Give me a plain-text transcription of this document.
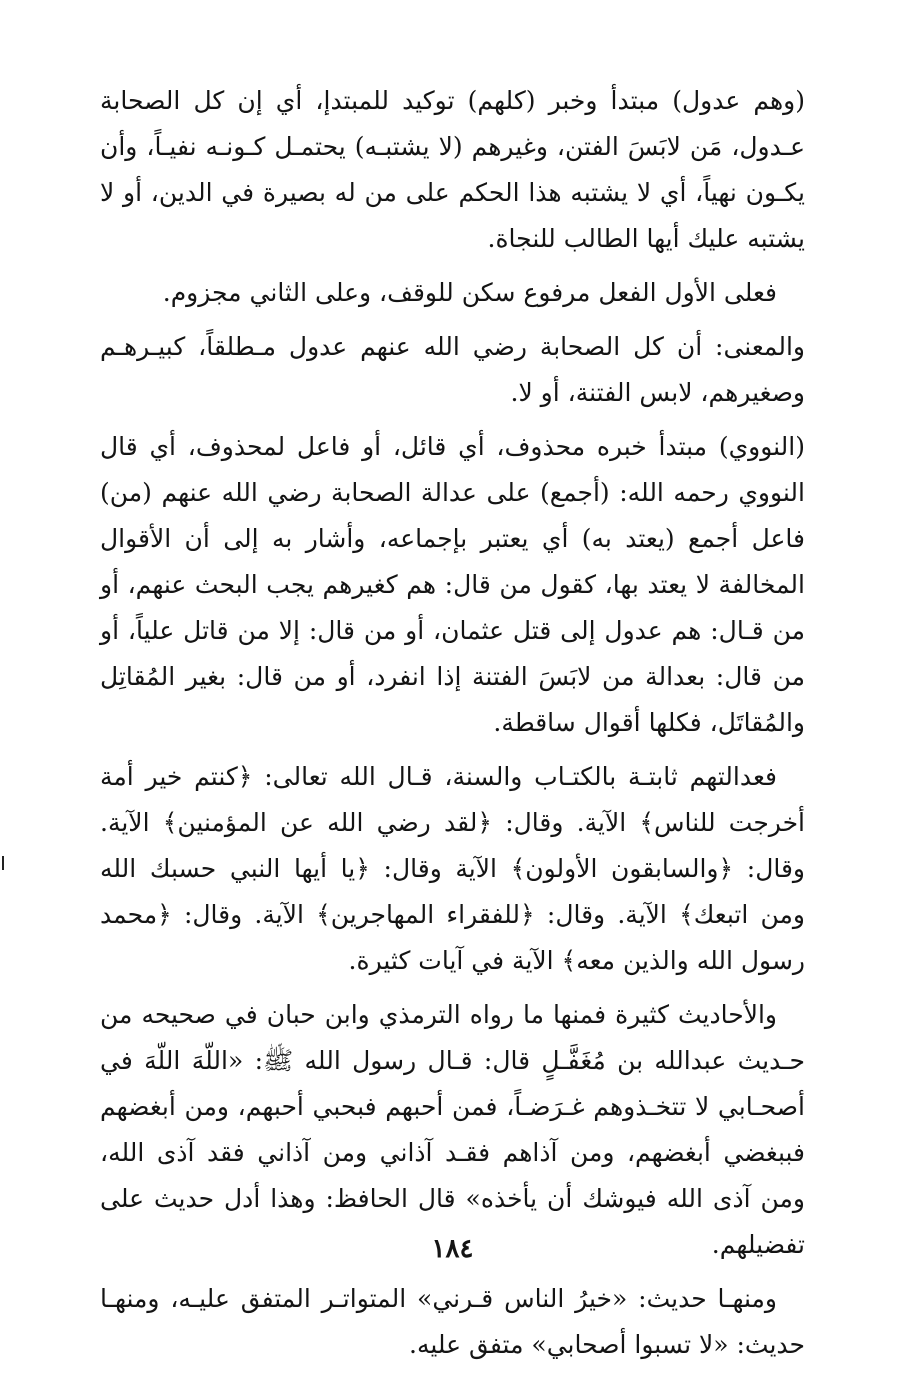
(وهم عدول) مبتدأ وخبر (كلهم) توكيد للمبتدإ، أي إن كل الصحابة عـدول، مَن لابَسَ الفتن، وغيرهم (لا يشتبـه) يحتمـل كـونـه نفيـاً، وأن يكـون نهياً، أي لا يشتبه هذا الحكم على من له بصيرة في الدين، أو لا يشتبه عليك أيها الطالب للنجاة.

فعلى الأول الفعل مرفوع سكن للوقف، وعلى الثاني مجزوم.

والمعنى: أن كل الصحابة رضي الله عنهم عدول مـطلقاً، كبيـرهـم وصغيرهم، لابس الفتنة، أو لا.

(النووي) مبتدأ خبره محذوف، أي قائل، أو فاعل لمحذوف، أي قال النووي رحمه الله: (أجمع) على عدالة الصحابة رضي الله عنهم (من) فاعل أجمع (يعتد به) أي يعتبر بإجماعه، وأشار به إلى أن الأقوال المخالفة لا يعتد بها، كقول من قال: هم كغيرهم يجب البحث عنهم، أو من قـال: هم عدول إلى قتل عثمان، أو من قال: إلا من قاتل علياً، أو من قال: بعدالة من لابَسَ الفتنة إذا انفرد، أو من قال: بغير المُقاتِل والمُقاتَل، فكلها أقوال ساقطة.

فعدالتهم ثابتـة بالكتـاب والسنة، قـال الله تعالى: ﴿كنتم خير أمة أخرجت للناس﴾ الآية. وقال: ﴿لقد رضي الله عن المؤمنين﴾ الآية. وقال: ﴿والسابقون الأولون﴾ الآية وقال: ﴿يا أيها النبي حسبك الله ومن اتبعك﴾ الآية. وقال: ﴿للفقراء المهاجرين﴾ الآية. وقال: ﴿محمد رسول الله والذين معه﴾ الآية في آيات كثيرة.

والأحاديث كثيرة فمنها ما رواه الترمذي وابن حبان في صحيحه من حـديث عبدالله بن مُغَفَّـلٍ قال: قـال رسول الله ﷺ: «اللّهَ اللّهَ في أصحـابي لا تتخـذوهم غـرَضـاً، فمن أحبهم فبحبي أحبهم، ومن أبغضهم فببغضي أبغضهم، ومن آذاهم فقـد آذاني ومن آذاني فقد آذى الله، ومن آذى الله فيوشك أن يأخذه» قال الحافظ: وهذا أدل حديث على تفضيلهم.

ومنهـا حديث: «خيرُ الناس قـرني» المتواتـر المتفق عليـه، ومنهـا حديث: «لا تسبوا أصحابي» متفق عليه.

١٨٤
